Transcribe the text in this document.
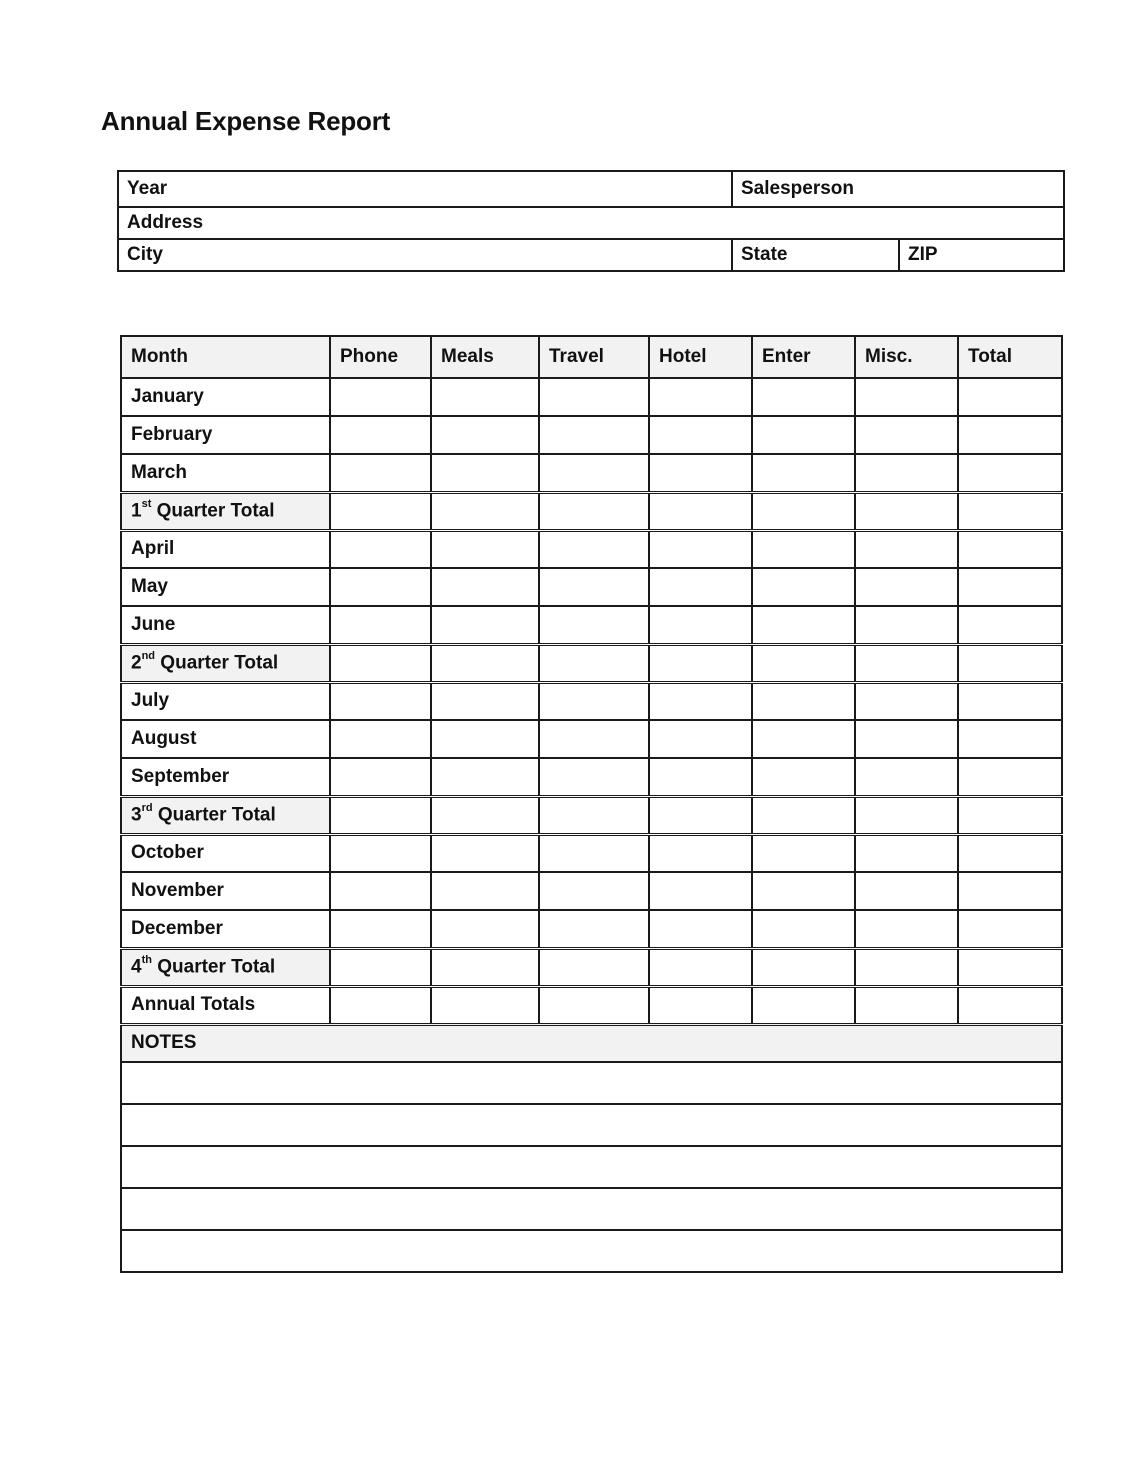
Annual Expense Report
Year	Salesperson	
Address		
City	State	ZIP
Month	Phone	Meals	Travel	Hotel	Enter	Misc.	Total
January							
February							
March							
1st Quarter Total							
April							
May							
June							
2nd Quarter Total							
July							
August							
September							
3rd Quarter Total							
October							
November							
December							
4th Quarter Total							
Annual Totals							
NOTES							
